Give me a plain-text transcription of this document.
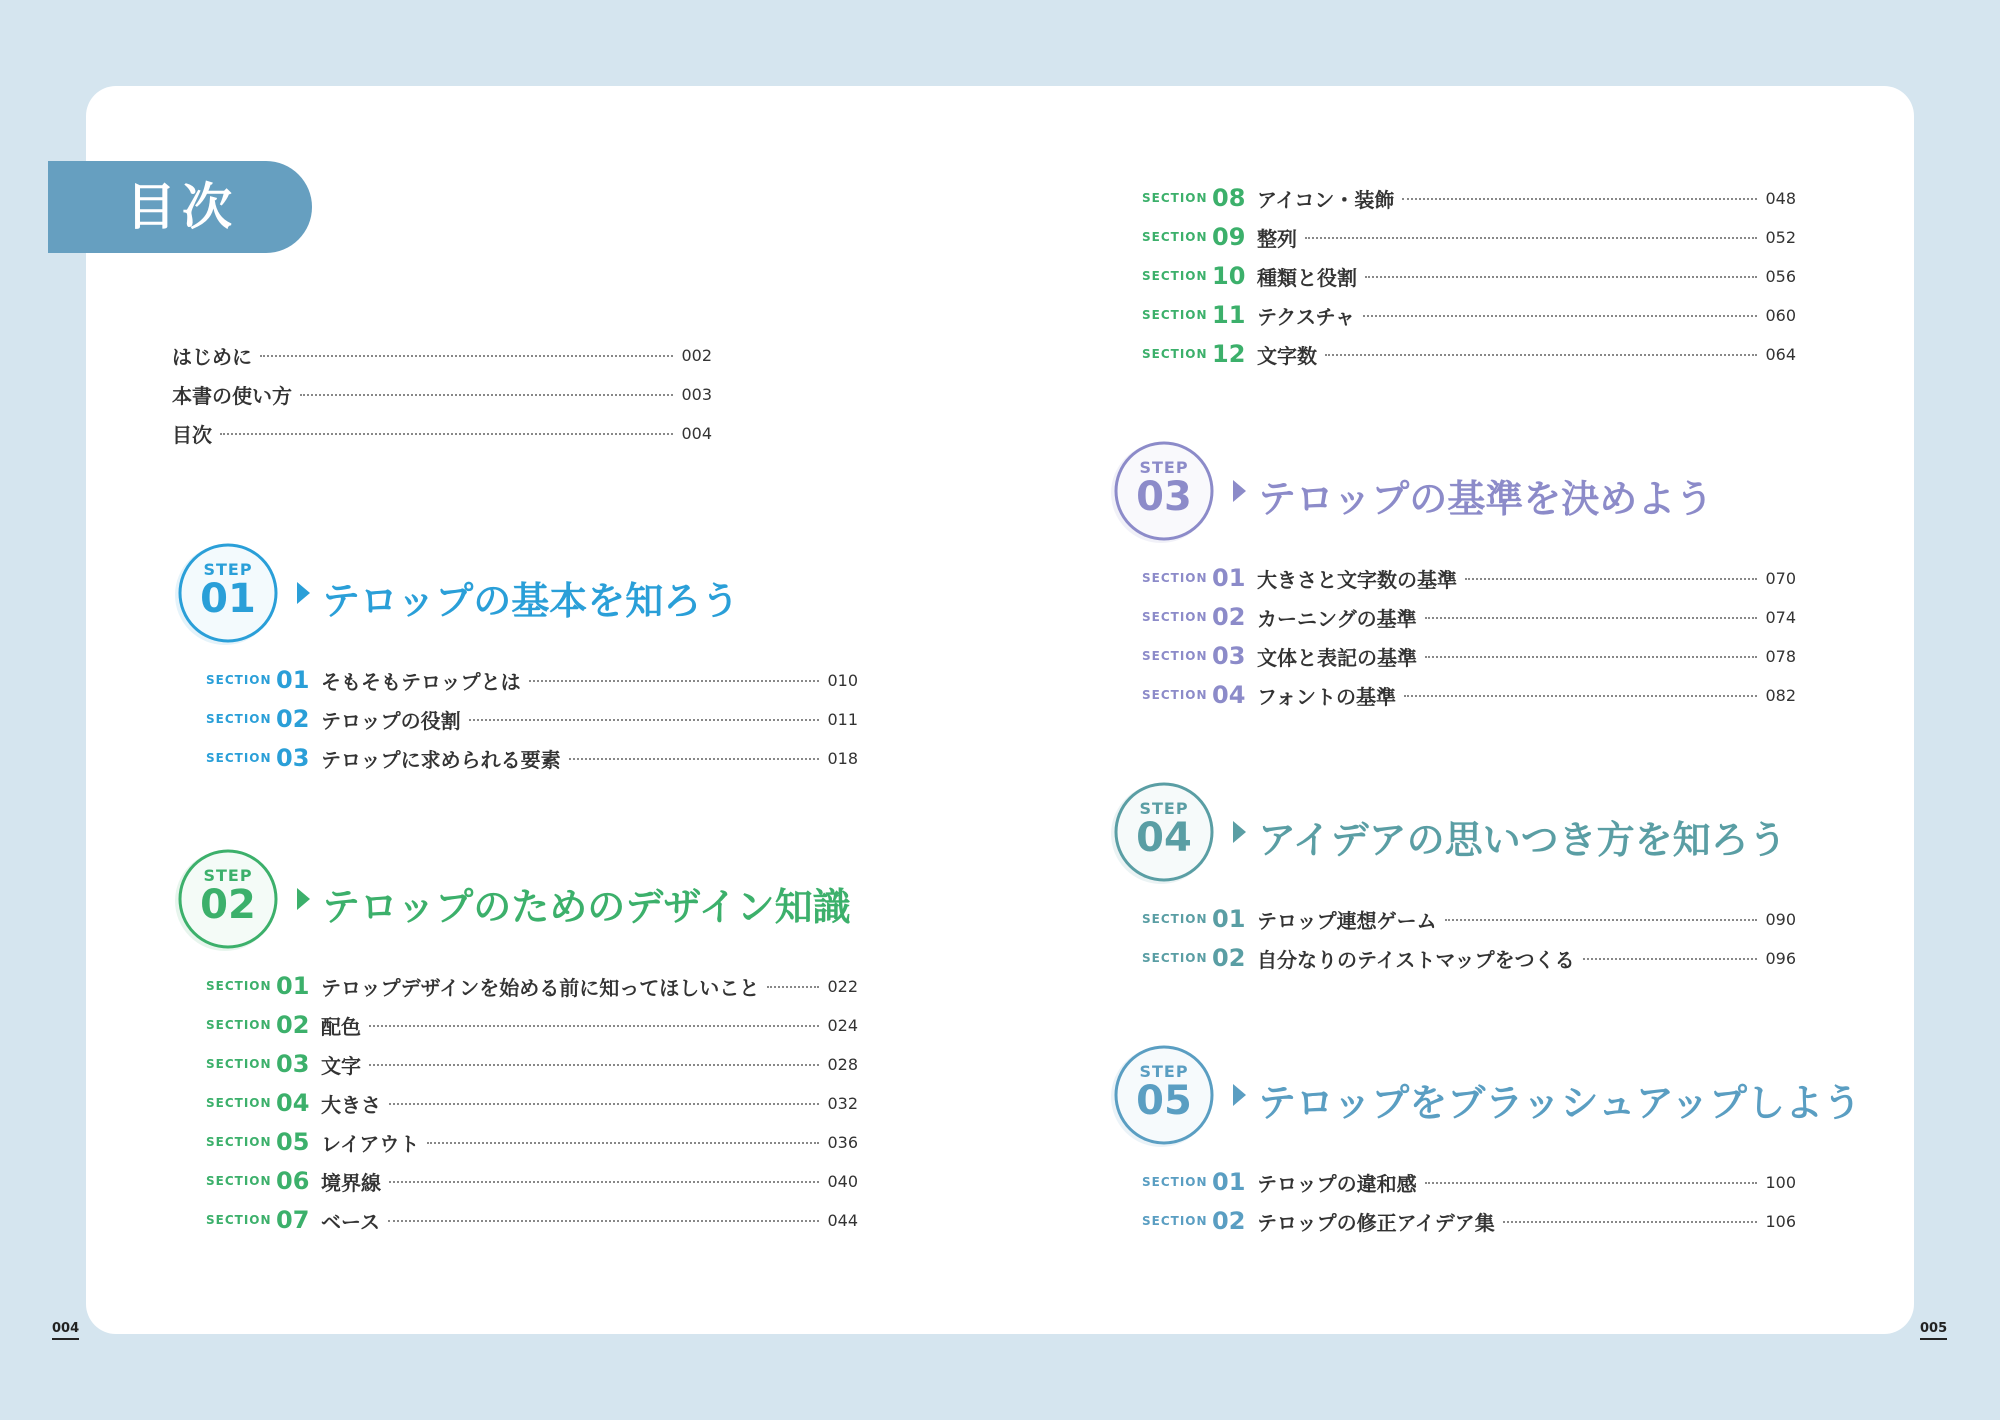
目次
004	005
はじめに	002
本書の使い方	003
目次	004
STEP
01	テロップの基本を知ろう
SECTION 01 そもそもテロップとは	010
SECTION 02 テロップの役割	011
SECTION 03 テロップに求められる要素	018
STEP
02	テロップのためのデザイン知識
SECTION 01 テロップデザインを始める前に知ってほしいこと	022
SECTION 02 配色	024
SECTION 03 文字	028
SECTION 04 大きさ	032
SECTION 05 レイアウト	036
SECTION 06 境界線	040
SECTION 07 ベース	044
SECTION 08 アイコン・装飾	048
SECTION 09 整列	052
SECTION 10 種類と役割	056
SECTION 11 テクスチャ	060
SECTION 12 文字数	064
STEP
03	テロップの基準を決めよう
SECTION 01 大きさと文字数の基準	070
SECTION 02 カーニングの基準	074
SECTION 03 文体と表記の基準	078
SECTION 04 フォントの基準	082
STEP
04	アイデアの思いつき方を知ろう
SECTION 01 テロップ連想ゲーム	090
SECTION 02 自分なりのテイストマップをつくる	096
STEP
05	テロップをブラッシュアップしよう
SECTION 01 テロップの違和感	100
SECTION 02 テロップの修正アイデア集	106
